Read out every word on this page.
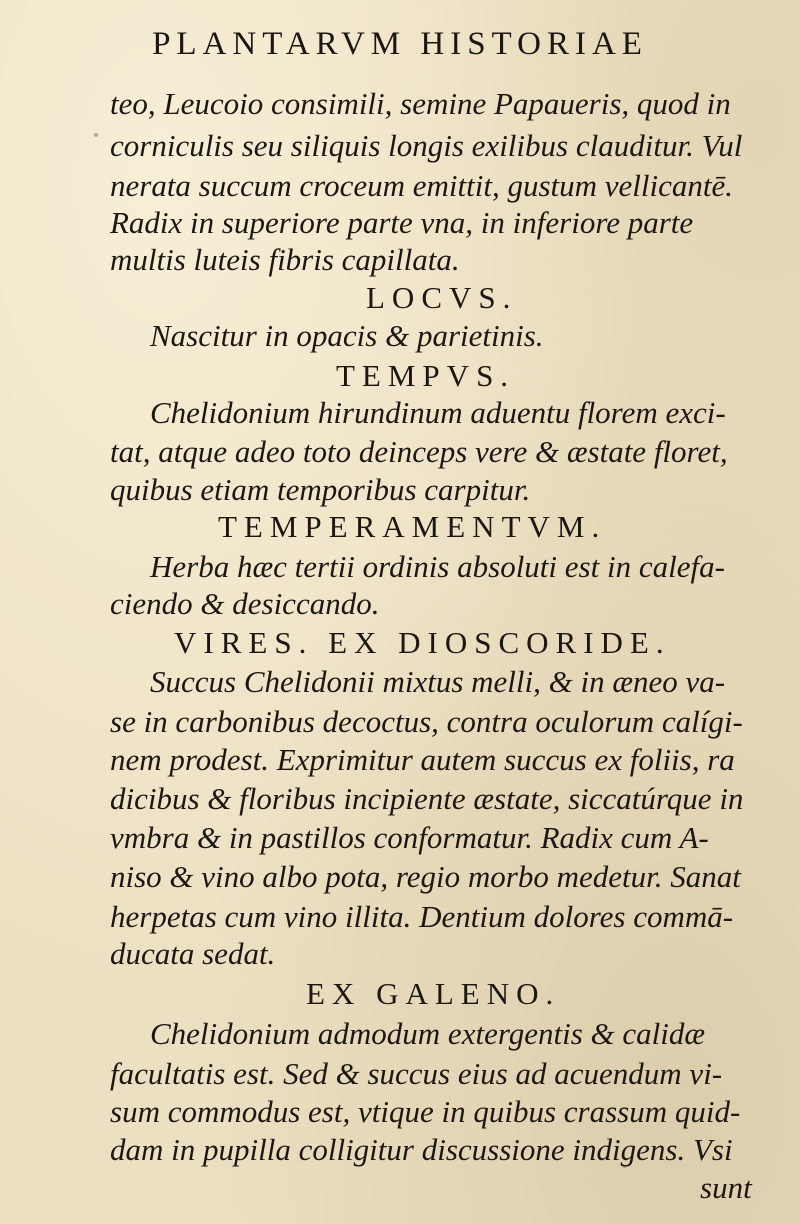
PLANTARVM HISTORIAE
teo, Leucoio consimili, semine Papaueris, quod in
corniculis seu siliquis longis exilibus clauditur. Vul
nerata succum croceum emittit, gustum vellicantē.
Radix in superiore parte vna, in inferiore parte
multis luteis fibris capillata.
LOCVS.
Nascitur in opacis & parietinis.
TEMPVS.
Chelidonium hirundinum aduentu florem exci-
tat, atque adeo toto deinceps vere & æstate floret,
quibus etiam temporibus carpitur.
TEMPERAMENTVM.
Herba hæc tertii ordinis absoluti est in calefa-
ciendo & desiccando.
VIRES. EX DIOSCORIDE.
Succus Chelidonii mixtus melli, & in æneo va-
se in carbonibus decoctus, contra oculorum calígi-
nem prodest. Exprimitur autem succus ex foliis, ra
dicibus & floribus incipiente æstate, siccatúrque in
vmbra & in pastillos conformatur. Radix cum A-
niso & vino albo pota, regio morbo medetur. Sanat
herpetas cum vino illita. Dentium dolores commā-
ducata sedat.
EX GALENO.
Chelidonium admodum extergentis & calidæ
facultatis est. Sed & succus eius ad acuendum vi-
sum commodus est, vtique in quibus crassum quid-
dam in pupilla colligitur discussione indigens. Vsi
sunt
